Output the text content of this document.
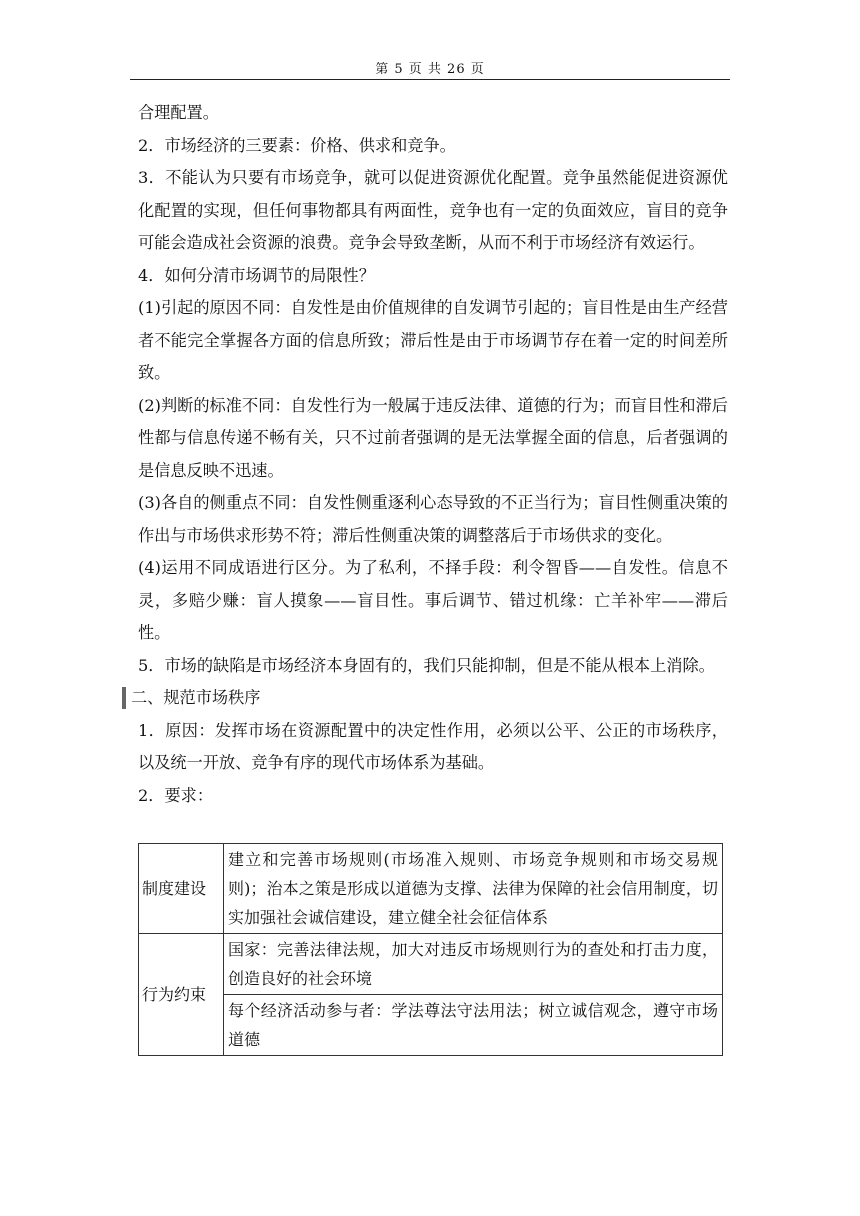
第 5 页 共 26 页

合理配置。

2．市场经济的三要素：价格、供求和竞争。

3．不能认为只要有市场竞争，就可以促进资源优化配置。竞争虽然能促进资源优化配置的实现，但任何事物都具有两面性，竞争也有一定的负面效应，盲目的竞争可能会造成社会资源的浪费。竞争会导致垄断，从而不利于市场经济有效运行。

4．如何分清市场调节的局限性？

(1)引起的原因不同：自发性是由价值规律的自发调节引起的；盲目性是由生产经营者不能完全掌握各方面的信息所致；滞后性是由于市场调节存在着一定的时间差所致。

(2)判断的标准不同：自发性行为一般属于违反法律、道德的行为；而盲目性和滞后性都与信息传递不畅有关，只不过前者强调的是无法掌握全面的信息，后者强调的是信息反映不迅速。

(3)各自的侧重点不同：自发性侧重逐利心态导致的不正当行为；盲目性侧重决策的作出与市场供求形势不符；滞后性侧重决策的调整落后于市场供求的变化。

(4)运用不同成语进行区分。为了私利，不择手段：利令智昏——自发性。信息不灵，多赔少赚：盲人摸象——盲目性。事后调节、错过机缘：亡羊补牢——滞后性。

5．市场的缺陷是市场经济本身固有的，我们只能抑制，但是不能从根本上消除。

二、规范市场秩序

1．原因：发挥市场在资源配置中的决定性作用，必须以公平、公正的市场秩序，以及统一开放、竞争有序的现代市场体系为基础。

2．要求：

制度建设	建立和完善市场规则(市场准入规则、市场竞争规则和市场交易规则)；治本之策是形成以道德为支撑、法律为保障的社会信用制度，切实加强社会诚信建设，建立健全社会征信体系
行为约束	国家：完善法律法规，加大对违反市场规则行为的查处和打击力度，创造良好的社会环境
	每个经济活动参与者：学法尊法守法用法；树立诚信观念，遵守市场道德
